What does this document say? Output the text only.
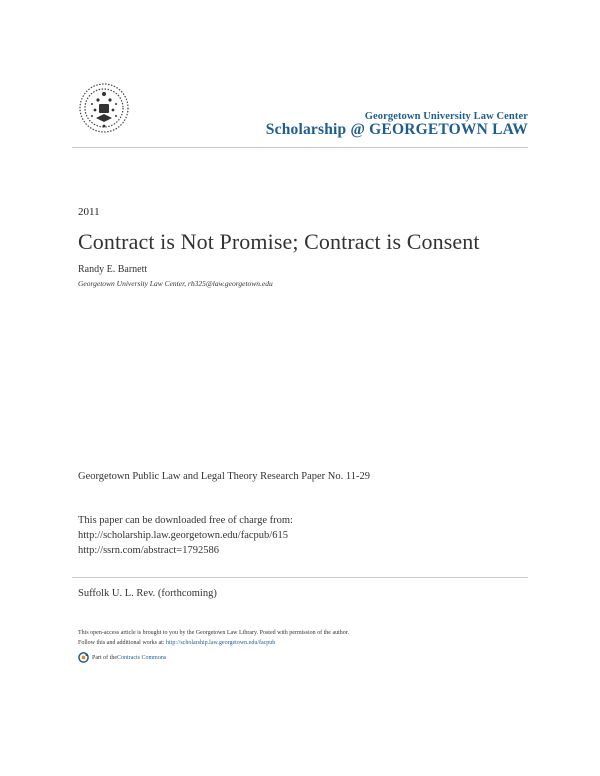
Georgetown University Law Center
Scholarship @ GEORGETOWN LAW
2011
Contract is Not Promise; Contract is Consent
Randy E. Barnett
Georgetown University Law Center, rb325@law.georgetown.edu
Georgetown Public Law and Legal Theory Research Paper No. 11-29
This paper can be downloaded free of charge from:
http://scholarship.law.georgetown.edu/facpub/615
http://ssrn.com/abstract=1792586
Suffolk U. L. Rev. (forthcoming)
This open-access article is brought to you by the Georgetown Law Library. Posted with permission of the author.
Follow this and additional works at: http://scholarship.law.georgetown.edu/facpub
Part of the Contracts Commons
